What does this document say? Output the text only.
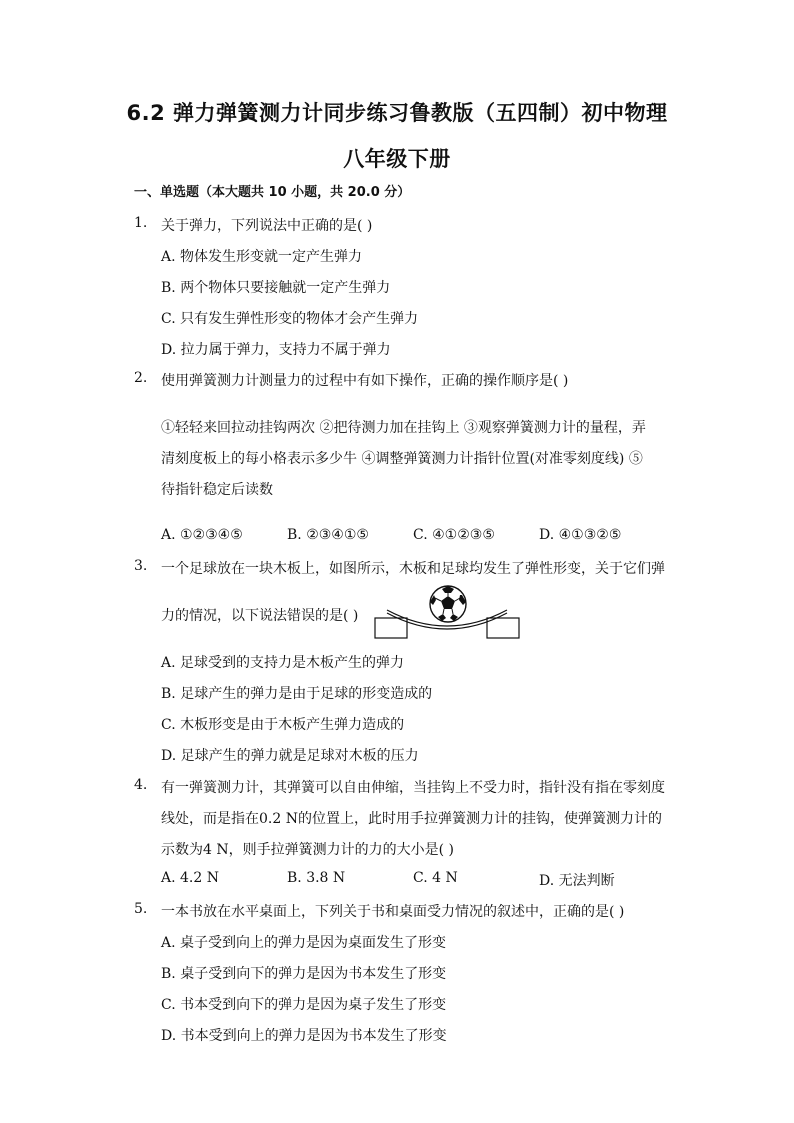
6.2 弹力弹簧测力计同步练习鲁教版（五四制）初中物理
八年级下册
一、单选题（本大题共 10 小题，共 20.0 分）
1. 关于弹力，下列说法中正确的是( )
A. 物体发生形变就一定产生弹力
B. 两个物体只要接触就一定产生弹力
C. 只有发生弹性形变的物体才会产生弹力
D. 拉力属于弹力，支持力不属于弹力
2. 使用弹簧测力计测量力的过程中有如下操作，正确的操作顺序是( )
①轻轻来回拉动挂钩两次 ②把待测力加在挂钩上 ③观察弹簧测力计的量程，弄
清刻度板上的每小格表示多少牛 ④调整弹簧测力计指针位置(对准零刻度线) ⑤
待指针稳定后读数
A. ①②③④⑤	B. ②③④①⑤	C. ④①②③⑤	D. ④①③②⑤
3. 一个足球放在一块木板上，如图所示，木板和足球均发生了弹性形变，关于它们弹
力的情况，以下说法错误的是( )
A. 足球受到的支持力是木板产生的弹力
B. 足球产生的弹力是由于足球的形变造成的
C. 木板形变是由于木板产生弹力造成的
D. 足球产生的弹力就是足球对木板的压力
4. 有一弹簧测力计，其弹簧可以自由伸缩，当挂钩上不受力时，指针没有指在零刻度
线处，而是指在0.2 N的位置上，此时用手拉弹簧测力计的挂钩，使弹簧测力计的
示数为4 N，则手拉弹簧测力计的力的大小是( )
A. 4.2 N	B. 3.8 N	C. 4 N	D. 无法判断
5. 一本书放在水平桌面上，下列关于书和桌面受力情况的叙述中，正确的是( )
A. 桌子受到向上的弹力是因为桌面发生了形变
B. 桌子受到向下的弹力是因为书本发生了形变
C. 书本受到向下的弹力是因为桌子发生了形变
D. 书本受到向上的弹力是因为书本发生了形变
